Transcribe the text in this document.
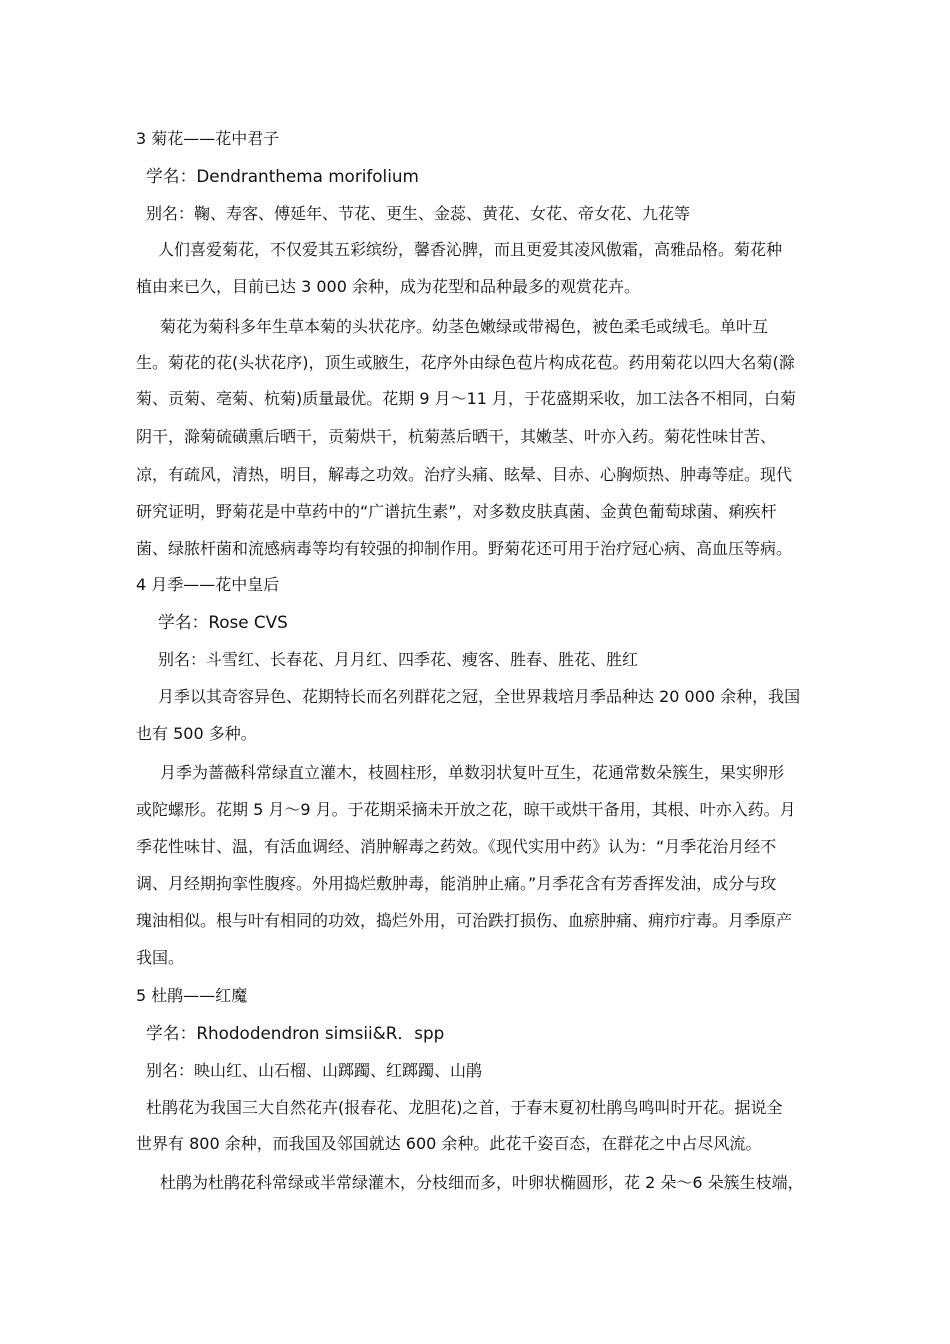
3 菊花——花中君子
学名：Dendranthema morifolium
别名：鞠、寿客、傅延年、节花、更生、金蕊、黄花、女花、帝女花、九花等
人们喜爱菊花，不仅爱其五彩缤纷，馨香沁脾，而且更爱其凌风傲霜，高雅品格。菊花种
植由来已久，目前已达 3 000 余种，成为花型和品种最多的观赏花卉。
菊花为菊科多年生草本菊的头状花序。幼茎色嫩绿或带褐色，被色柔毛或绒毛。单叶互
生。菊花的花(头状花序)，顶生或腋生，花序外由绿色苞片构成花苞。药用菊花以四大名菊(滁
菊、贡菊、亳菊、杭菊)质量最优。花期 9 月～11 月，于花盛期采收，加工法各不相同，白菊
阴干，滁菊硫磺熏后晒干，贡菊烘干，杭菊蒸后晒干，其嫩茎、叶亦入药。菊花性味甘苦、
凉，有疏风，清热，明目，解毒之功效。治疗头痛、眩晕、目赤、心胸烦热、肿毒等症。现代
研究证明，野菊花是中草药中的“广谱抗生素”，对多数皮肤真菌、金黄色葡萄球菌、痢疾杆
菌、绿脓杆菌和流感病毒等均有较强的抑制作用。野菊花还可用于治疗冠心病、高血压等病。
4 月季——花中皇后
学名：Rose CVS
别名：斗雪红、长春花、月月红、四季花、瘦客、胜春、胜花、胜红
月季以其奇容异色、花期特长而名列群花之冠，全世界栽培月季品种达 20 000 余种，我国
也有 500 多种。
月季为蔷薇科常绿直立灌木，枝圆柱形，单数羽状复叶互生，花通常数朵簇生，果实卵形
或陀螺形。花期 5 月～9 月。于花期采摘未开放之花，晾干或烘干备用，其根、叶亦入药。月
季花性味甘、温，有活血调经、消肿解毒之药效。《现代实用中药》认为：“月季花治月经不
调、月经期拘挛性腹疼。外用捣烂敷肿毒，能消肿止痛。”月季花含有芳香挥发油，成分与玫
瑰油相似。根与叶有相同的功效，捣烂外用，可治跌打损伤、血瘀肿痛、痈疖疔毒。月季原产
我国。
5 杜鹃——红魔
学名：Rhododendron simsii&R．spp
别名：映山红、山石榴、山踯躅、红踯躅、山鹃
杜鹃花为我国三大自然花卉(报春花、龙胆花)之首，于春末夏初杜鹃鸟鸣叫时开花。据说全
世界有 800 余种，而我国及邻国就达 600 余种。此花千姿百态，在群花之中占尽风流。
杜鹃为杜鹃花科常绿或半常绿灌木，分枝细而多，叶卵状椭圆形，花 2 朵～6 朵簇生枝端，
